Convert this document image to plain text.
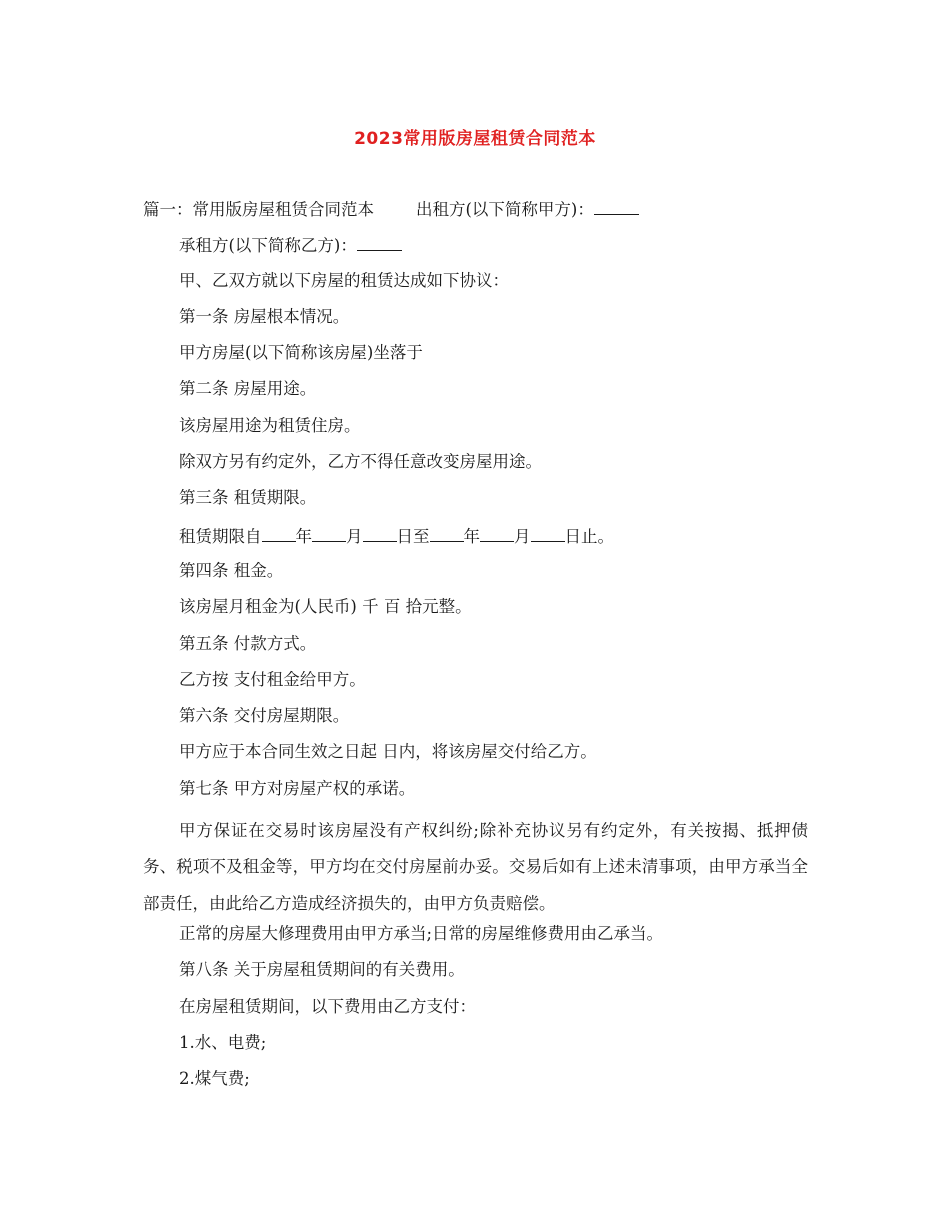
2023常用版房屋租赁合同范本
篇一：常用版房屋租赁合同范本	出租方(以下简称甲方)：
承租方(以下简称乙方)：
甲、乙双方就以下房屋的租赁达成如下协议：
第一条 房屋根本情况。
甲方房屋(以下简称该房屋)坐落于
第二条 房屋用途。
该房屋用途为租赁住房。
除双方另有约定外，乙方不得任意改变房屋用途。
第三条 租赁期限。
租赁期限自 年 月 日至 年 月 日止。
第四条 租金。
该房屋月租金为(人民币) 千 百 拾元整。
第五条 付款方式。
乙方按 支付租金给甲方。
第六条 交付房屋期限。
甲方应于本合同生效之日起 日内，将该房屋交付给乙方。
第七条 甲方对房屋产权的承诺。
甲方保证在交易时该房屋没有产权纠纷;除补充协议另有约定外，有关按揭、抵押债务、税项不及租金等，甲方均在交付房屋前办妥。交易后如有上述未清事项，由甲方承当全部责任，由此给乙方造成经济损失的，由甲方负责赔偿。
正常的房屋大修理费用由甲方承当;日常的房屋维修费用由乙承当。
第八条 关于房屋租赁期间的有关费用。
在房屋租赁期间，以下费用由乙方支付：
1.水、电费;
2.煤气费;
